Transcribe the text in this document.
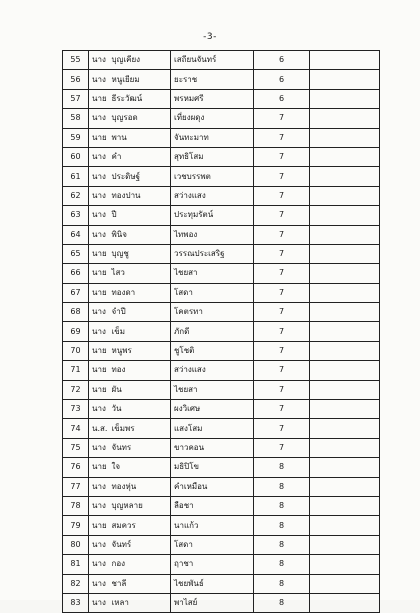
-3-
55	นาง	บุญเคียง	เสถียนจันทร์	6	
56	นาง	หนูเยียม	ยะราช	6	
57	นาย	ธีระวัฒน์	พรหมศรี	6	
58	นาง	บุญรอด	เที่ยงผดุง	7	
59	นาย	พาน	จันทะมาท	7	
60	นาง	คำ	สุทธิโสม	7	
61	นาง	ประดิษฐ์	เวชบรรพต	7	
62	นาง	ทองปาน	สว่างแสง	7	
63	นาง	ปี	ประทุมรัตน์	7	
64	นาง	พินิจ	ไทพอง	7	
65	นาย	บุญชู	วรรณประเสริฐ	7	
66	นาย	ไสว	ไชยสา	7	
67	นาย	ทองดา	โสดา	7	
68	นาง	จำปี	โคตรทา	7	
69	นาง	เข็ม	ภักดี	7	
70	นาย	หนูพร	ชูโชติ	7	
71	นาย	ทอง	สว่างแสง	7	
72	นาย	ผัน	ไชยสา	7	
73	นาง	วัน	ผงวิเศษ	7	
74	น.ส.	เข็มพร	แสงโสม	7	
75	นาง	จันทร	ขาวคอน	7	
76	นาย	ใจ	มธิปิโข	8	
77	นาง	ทองหุ่น	คำเหมือน	8	
78	นาง	บุญหลาย	ลือชา	8	
79	นาย	สมควร	นาแก้ว	8	
80	นาง	จันทร์	โสดา	8	
81	นาง	กอง	ฤาชา	8	
82	นาง	ชาลี	ไชยพันธ์	8	
83	นาง	เหลา	พาไสย์	8	
